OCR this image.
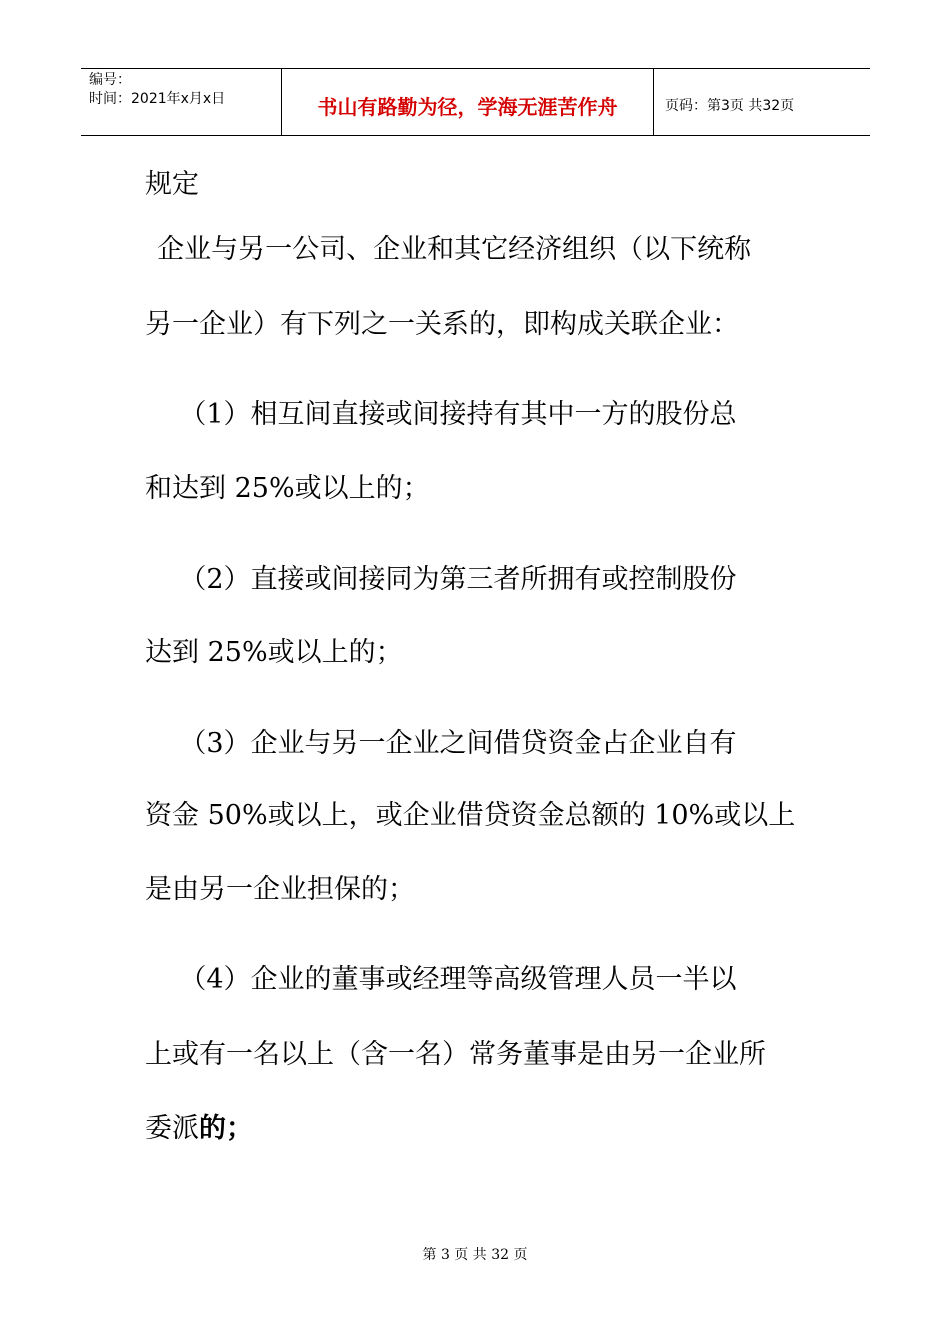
编号：
时间：2021年x月x日	书山有路勤为径，学海无涯苦作舟	页码：第3页 共32页
规定
企业与另一公司、企业和其它经济组织（以下统称
另一企业）有下列之一关系的，即构成关联企业：
（1）相互间直接或间接持有其中一方的股份总
和达到 25%或以上的；
（2）直接或间接同为第三者所拥有或控制股份
达到 25%或以上的；
（3）企业与另一企业之间借贷资金占企业自有
资金 50%或以上，或企业借贷资金总额的 10%或以上
是由另一企业担保的；
（4）企业的董事或经理等高级管理人员一半以
上或有一名以上（含一名）常务董事是由另一企业所
委派的；
第 3 页 共 32 页
